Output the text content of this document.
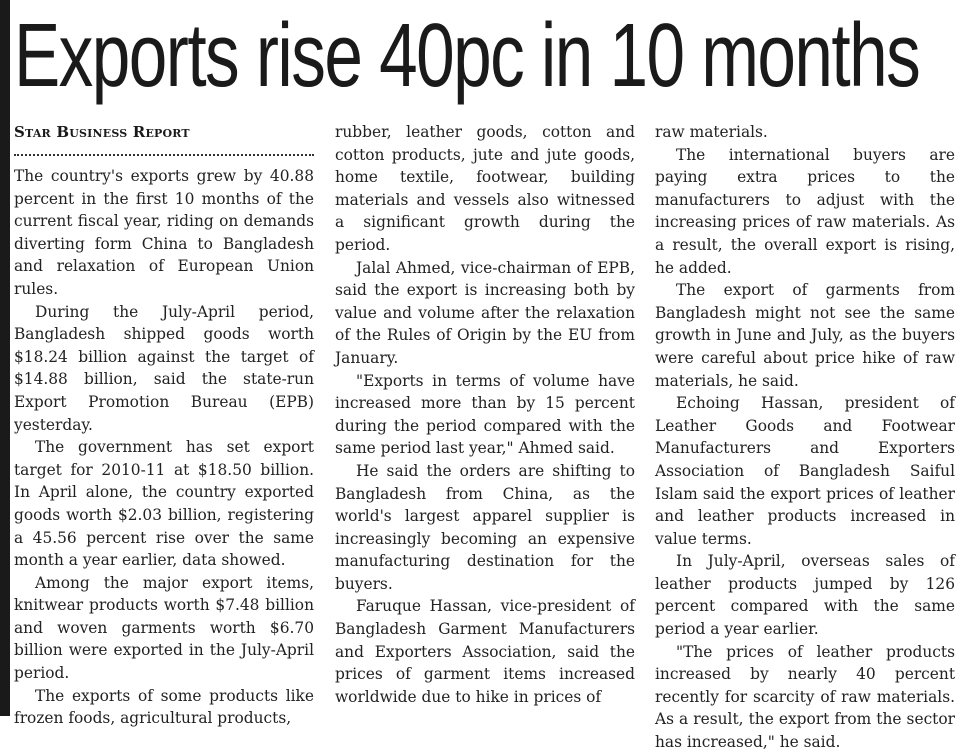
Exports rise 40pc in 10 months
Star Business Report

The country's exports grew by 40.88 percent in the first 10 months of the current fiscal year, riding on demands diverting form China to Bangladesh and relaxation of European Union rules.

During the July-April period, Bangladesh shipped goods worth $18.24 billion against the target of $14.88 billion, said the state-run Export Promotion Bureau (EPB) yesterday.

The government has set export target for 2010-11 at $18.50 billion. In April alone, the country exported goods worth $2.03 billion, registering a 45.56 percent rise over the same month a year earlier, data showed.

Among the major export items, knitwear products worth $7.48 billion and woven garments worth $6.70 billion were exported in the July-April period.

The exports of some products like frozen foods, agricultural products,

rubber, leather goods, cotton and cotton products, jute and jute goods, home textile, footwear, building materials and vessels also witnessed a significant growth during the period.

Jalal Ahmed, vice-chairman of EPB, said the export is increasing both by value and volume after the relaxation of the Rules of Origin by the EU from January.

"Exports in terms of volume have increased more than by 15 percent during the period compared with the same period last year," Ahmed said.

He said the orders are shifting to Bangladesh from China, as the world's largest apparel supplier is increasingly becoming an expensive manufacturing destination for the buyers.

Faruque Hassan, vice-president of Bangladesh Garment Manufacturers and Exporters Association, said the prices of garment items increased worldwide due to hike in prices of

raw materials.

The international buyers are paying extra prices to the manufacturers to adjust with the increasing prices of raw materials. As a result, the overall export is rising, he added.

The export of garments from Bangladesh might not see the same growth in June and July, as the buyers were careful about price hike of raw materials, he said.

Echoing Hassan, president of Leather Goods and Footwear Manufacturers and Exporters Association of Bangladesh Saiful Islam said the export prices of leather and leather products increased in value terms.

In July-April, overseas sales of leather products jumped by 126 percent compared with the same period a year earlier.

"The prices of leather products increased by nearly 40 percent recently for scarcity of raw materials. As a result, the export from the sector has increased," he said.
